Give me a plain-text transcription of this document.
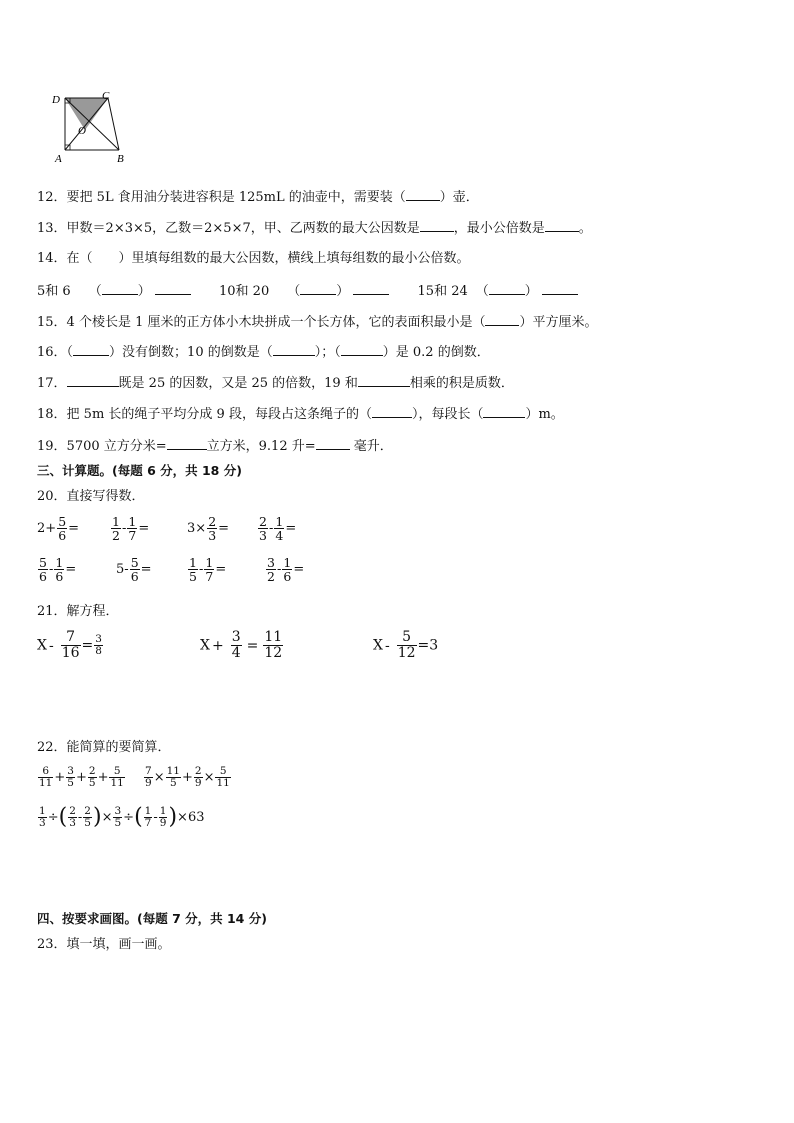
D	C
O
A	B
12．要把 5L 食用油分装进容积是 125mL 的油壶中，需要装（	）壶．
13．甲数＝2×3×5，乙数＝2×5×7，甲、乙两数的最大公因数是	，最小公倍数是	。
14．在（　　）里填每组数的最大公因数，横线上填每组数的最小公倍数。
5和 6 （	）	10和 20 （	）	15和 24 （	）
15．4 个棱长是 1 厘米的正方体小木块拼成一个长方体，它的表面积最小是（	）平方厘米。
16．（	）没有倒数；10 的倒数是（	）；（	）是 0.2 的倒数．
17．	既是 25 的因数，又是 25 的倍数，19 和	相乘的积是质数．
18．把 5m 长的绳子平均分成 9 段，每段占这条绳子的（	），每段长（	）m。
19．5700 立方分米=	立方米，9.12 升=	毫升．
三、计算题。(每题 6 分，共 18 分)
20．直接写得数．
$2+ \frac{5}{6}$ =	$\frac{1}{2} - \frac{1}{7}$ =	$3\times \frac{2}{3} = \frac{2}{3} - \frac{1}{4}$ =
$\frac{5}{6} - \frac{1}{6}$ =	$5- \frac{5}{6}$ =	$\frac{1}{5} - \frac{1}{7}$ =	$\frac{3}{2} - \frac{1}{6}$ =
21．解方程．
$X - \frac{7}{16} = \frac{3}{8}$	$X + \frac{3}{4} = \frac{11}{12}$	$X - \frac{5}{12} =3$
22．能简算的要简算．
$\frac{6}{11} + \frac{3}{5} + \frac{2}{5} + \frac{5}{11} \frac{7}{9} \times \frac{11}{5} + \frac{2}{9} \times \frac{5}{11}$
$\frac{1}{3}$ ÷( $\frac{2}{3} - \frac{2}{5}$ )× $\frac{3}{5}$ ÷( $\frac{1}{7} - \frac{1}{9} )\times 63$
四、按要求画图。(每题 7 分，共 14 分)
23．填一填，画一画。
